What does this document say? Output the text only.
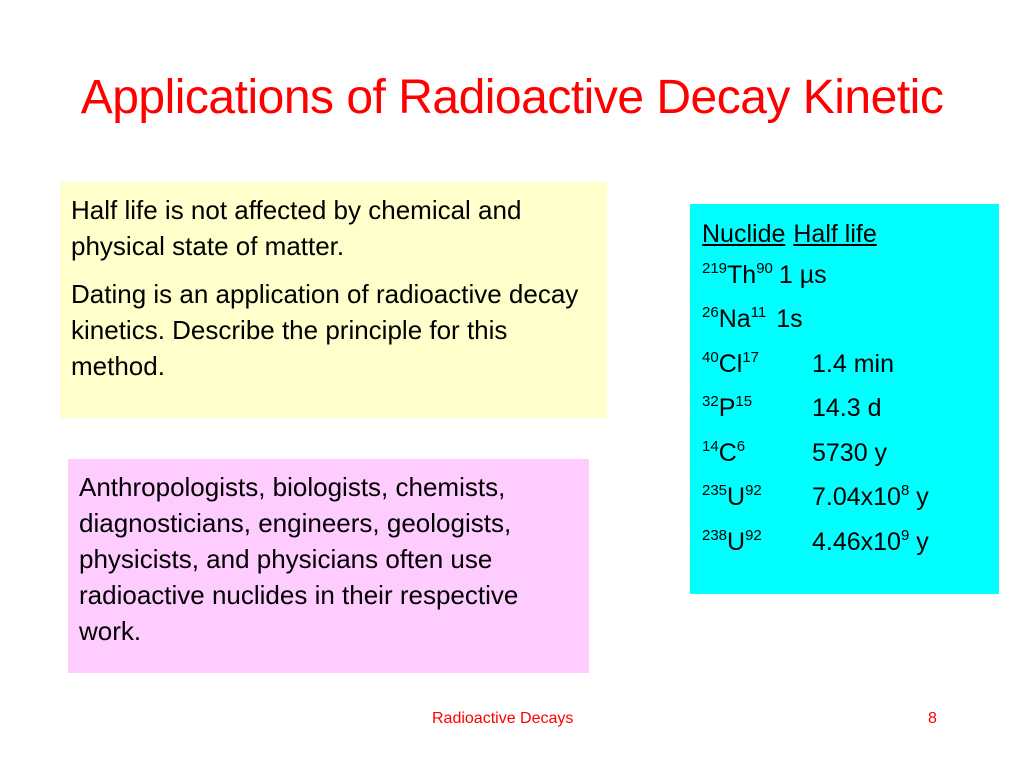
Applications of Radioactive Decay Kinetic

Half life is not affected by chemical and physical state of matter.

Dating is an application of radioactive decay kinetics. Describe the principle for this method.

Anthropologists, biologists, chemists, diagnosticians, engineers, geologists, physicists, and physicians often use radioactive nuclides in their respective work.

Nuclide Half life
$^{219}$Th$^{90}$ 1 µs
$^{26}$Na$^{11}$ 1s
$^{40}$Cl$^{17}$	1.4 min
$^{32}P^{15}$	14.3 d
$^{14}C^6$	5730 y
$^{235}U^{92}$	$7.04x10^8$ y
$^{238}U^{92}$	$4.46x10^9$ y
Radioactive Decays	8
